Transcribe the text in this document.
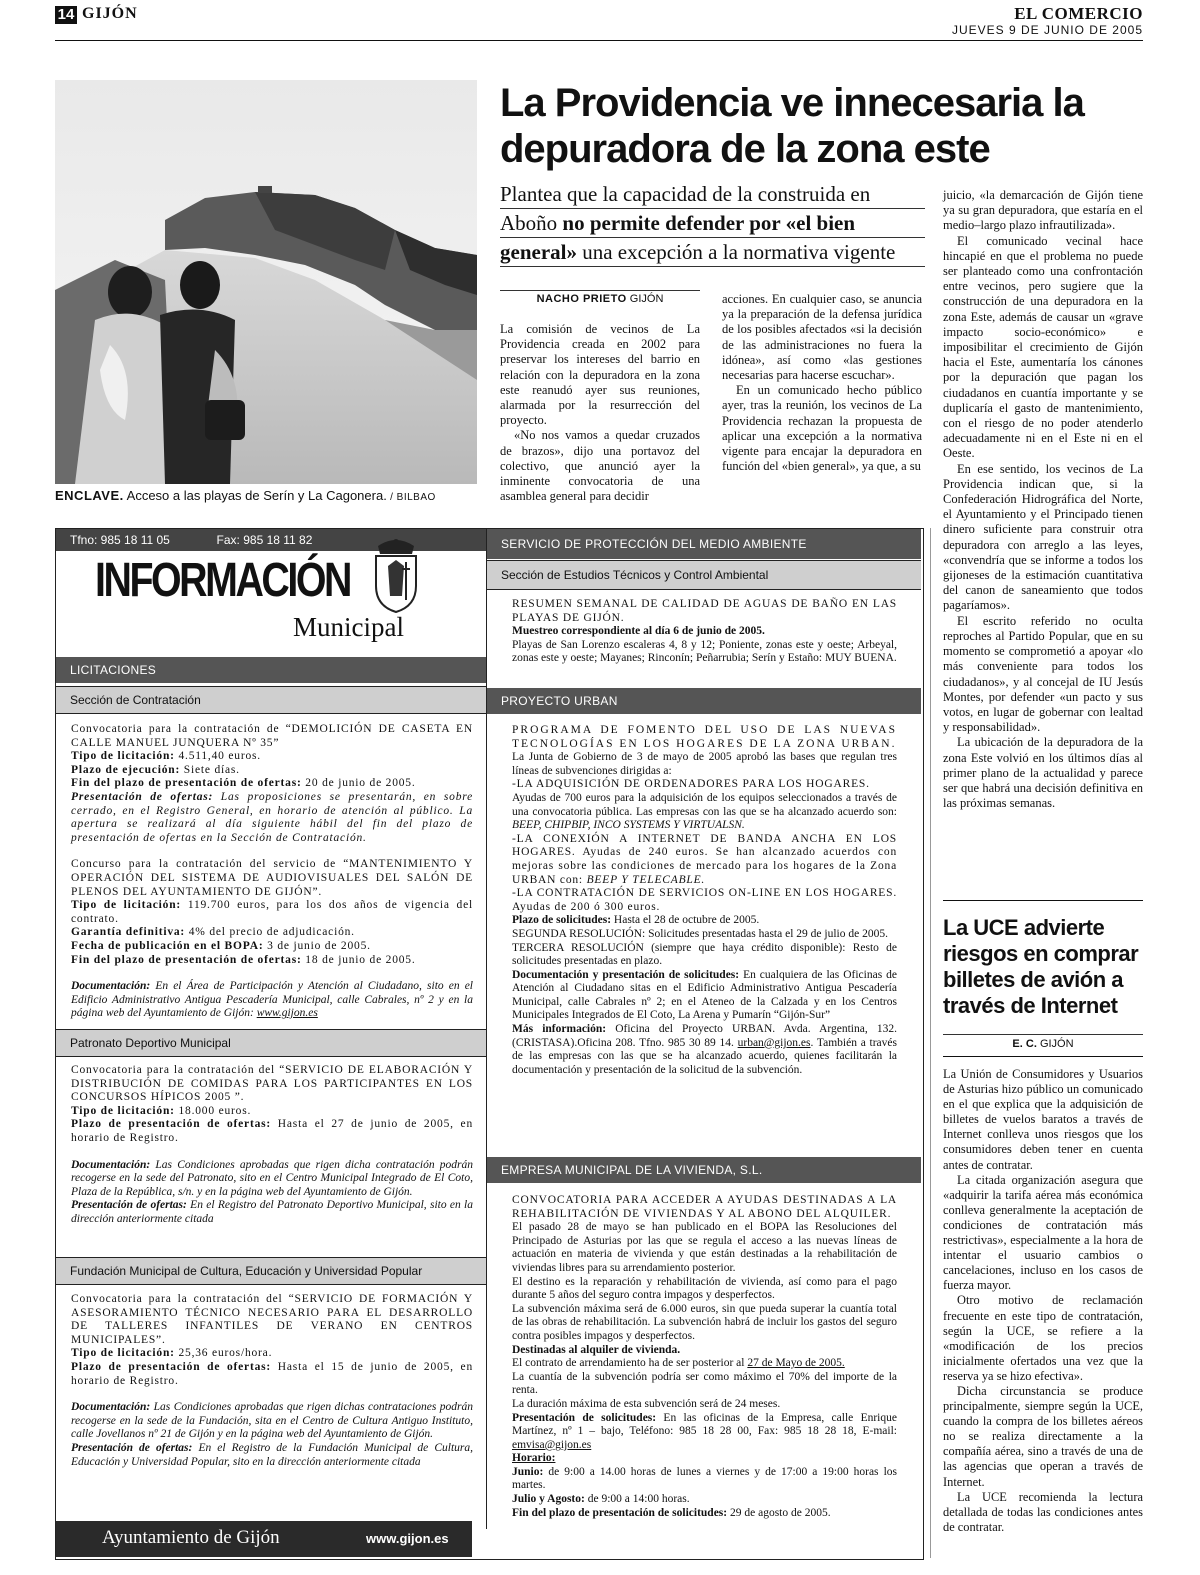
14 GIJÓN	EL COMERCIO
JUEVES 9 DE JUNIO DE 2005
ENCLAVE. Acceso a las playas de Serín y La Cagonera. / BILBAO
La Providencia ve innecesaria la depuradora de la zona este
Plantea que la capacidad de la construida en
Aboño no permite defender por «el bien
general» una excepción a la normativa vigente
NACHO PRIETO GIJÓN

La comisión de vecinos de La Providencia creada en 2002 para preservar los intereses del barrio en relación con la depuradora en la zona este reanudó ayer sus reuniones, alarmada por la resurrección del proyecto.

«No nos vamos a quedar cruzados de brazos», dijo una portavoz del colectivo, que anunció ayer la inminente convocatoria de una asamblea general para decidir

acciones. En cualquier caso, se anuncia ya la preparación de la defensa jurídica de los posibles afectados «si la decisión de las administraciones no fuera la idónea», así como «las gestiones necesarias para hacerse escuchar».

En un comunicado hecho público ayer, tras la reunión, los vecinos de La Providencia rechazan la propuesta de aplicar una excepción a la normativa vigente para encajar la depuradora en función del «bien general», ya que, a su

juicio, «la demarcación de Gijón tiene ya su gran depuradora, que estaría en el medio–largo plazo infrautilizada».

El comunicado vecinal hace hincapié en que el problema no puede ser planteado como una confrontación entre vecinos, pero sugiere que la construcción de una depuradora en la zona Este, además de causar un «grave impacto socio-económico» e imposibilitar el crecimiento de Gijón hacia el Este, aumentaría los cánones por la depuración que pagan los ciudadanos en cuantía importante y se duplicaría el gasto de mantenimiento, con el riesgo de no poder atenderlo adecuadamente ni en el Este ni en el Oeste.

En ese sentido, los vecinos de La Providencia indican que, si la Confederación Hidrográfica del Norte, el Ayuntamiento y el Principado tienen dinero suficiente para construir otra depuradora con arreglo a las leyes, «convendría que se informe a todos los gijoneses de la estimación cuantitativa del canon de saneamiento que todos pagaríamos».

El escrito referido no oculta reproches al Partido Popular, que en su momento se comprometió a apoyar «lo más conveniente para todos los ciudadanos», y al concejal de IU Jesús Montes, por defender «un pacto y sus votos, en lugar de gobernar con lealtad y responsabilidad».

La ubicación de la depuradora de la zona Este volvió en los últimos días al primer plano de la actualidad y parece ser que habrá una decisión definitiva en las próximas semanas.

La UCE advierte riesgos en comprar billetes de avión a través de Internet
E. C. GIJÓN

La Unión de Consumidores y Usuarios de Asturias hizo público un comunicado en el que explica que la adquisición de billetes de vuelos baratos a través de Internet conlleva unos riesgos que los consumidores deben tener en cuenta antes de contratar.

La citada organización asegura que «adquirir la tarifa aérea más económica conlleva generalmente la aceptación de condiciones de contratación más restrictivas», especialmente a la hora de intentar el usuario cambios o cancelaciones, incluso en los casos de fuerza mayor.

Otro motivo de reclamación frecuente en este tipo de contratación, según la UCE, se refiere a la «modificación de los precios inicialmente ofertados una vez que la reserva ya se hizo efectiva».

Dicha circunstancia se produce principalmente, siempre según la UCE, cuando la compra de los billetes aéreos no se realiza directamente a la compañía aérea, sino a través de una de las agencias que operan a través de Internet.

La UCE recomienda la lectura detallada de todas las condiciones antes de contratar.

Tfno: 985 18 11 05	Fax: 985 18 11 82
INFORMACIÓN
Municipal
LICITACIONES
Sección de Contratación

Convocatoria para la contratación de “DEMOLICIÓN DE CASETA EN CALLE MANUEL JUNQUERA Nº 35”
Tipo de licitación: 4.511,40 euros.
Plazo de ejecución: Siete días.
Fin del plazo de presentación de ofertas: 20 de junio de 2005.
Presentación de ofertas: Las proposiciones se presentarán, en sobre cerrado, en el Registro General, en horario de atención al público. La apertura se realizará al día siguiente hábil del fin del plazo de presentación de ofertas en la Sección de Contratación.

Concurso para la contratación del servicio de “MANTENIMIENTO Y OPERACIÓN DEL SISTEMA DE AUDIOVISUALES DEL SALÓN DE PLENOS DEL AYUNTAMIENTO DE GIJÓN”.
Tipo de licitación: 119.700 euros, para los dos años de vigencia del contrato.
Garantía definitiva: 4% del precio de adjudicación.
Fecha de publicación en el BOPA: 3 de junio de 2005.
Fin del plazo de presentación de ofertas: 18 de junio de 2005.

Documentación: En el Área de Participación y Atención al Ciudadano, sito en el Edificio Administrativo Antigua Pescadería Municipal, calle Cabrales, nº 2 y en la página web del Ayuntamiento de Gijón: www.gijon.es

Patronato Deportivo Municipal

Convocatoria para la contratación del “SERVICIO DE ELABORACIÓN Y DISTRIBUCIÓN DE COMIDAS PARA LOS PARTICIPANTES EN LOS CONCURSOS HÍPICOS 2005 ”.
Tipo de licitación: 18.000 euros.
Plazo de presentación de ofertas: Hasta el 27 de junio de 2005, en horario de Registro.

Documentación: Las Condiciones aprobadas que rigen dicha contratación podrán recogerse en la sede del Patronato, sito en el Centro Municipal Integrado de El Coto, Plaza de la República, s/n. y en la página web del Ayuntamiento de Gijón.
Presentación de ofertas: En el Registro del Patronato Deportivo Municipal, sito en la dirección anteriormente citada

Fundación Municipal de Cultura, Educación y Universidad Popular

Convocatoria para la contratación del “SERVICIO DE FORMACIÓN Y ASESORAMIENTO TÉCNICO NECESARIO PARA EL DESARROLLO DE TALLERES INFANTILES DE VERANO EN CENTROS MUNICIPALES”.
Tipo de licitación: 25,36 euros/hora.
Plazo de presentación de ofertas: Hasta el 15 de junio de 2005, en horario de Registro.

Documentación: Las Condiciones aprobadas que rigen dichas contrataciones podrán recogerse en la sede de la Fundación, sita en el Centro de Cultura Antiguo Instituto, calle Jovellanos nº 21 de Gijón y en la página web del Ayuntamiento de Gijón.
Presentación de ofertas: En el Registro de la Fundación Municipal de Cultura, Educación y Universidad Popular, sito en la dirección anteriormente citada

Ayuntamiento de Gijón	www.gijon.es
SERVICIO DE PROTECCIÓN DEL MEDIO AMBIENTE
Sección de Estudios Técnicos y Control Ambiental

RESUMEN SEMANAL DE CALIDAD DE AGUAS DE BAÑO EN LAS PLAYAS DE GIJÓN.

Muestreo correspondiente al día 6 de junio de 2005.

Playas de San Lorenzo escaleras 4, 8 y 12; Poniente, zonas este y oeste; Arbeyal, zonas este y oeste; Mayanes; Rinconín; Peñarrubia; Serín y Estaño: MUY BUENA.

PROYECTO URBAN

PROGRAMA DE FOMENTO DEL USO DE LAS NUEVAS TECNOLOGÍAS EN LOS HOGARES DE LA ZONA URBAN.

La Junta de Gobierno de 3 de mayo de 2005 aprobó las bases que regulan tres líneas de subvenciones dirigidas a:

-LA ADQUISICIÓN DE ORDENADORES PARA LOS HOGARES.

Ayudas de 700 euros para la adquisición de los equipos seleccionados a través de una convocatoria pública. Las empresas con las que se ha alcanzado acuerdo son: BEEP, CHIPBIP, INCO SYSTEMS Y VIRTUALSN.

-LA CONEXIÓN A INTERNET DE BANDA ANCHA EN LOS HOGARES. Ayudas de 240 euros. Se han alcanzado acuerdos con mejoras sobre las condiciones de mercado para los hogares de la Zona URBAN con: BEEP Y TELECABLE.

-LA CONTRATACIÓN DE SERVICIOS ON-LINE EN LOS HOGARES. Ayudas de 200 ó 300 euros.

Plazo de solicitudes: Hasta el 28 de octubre de 2005.

SEGUNDA RESOLUCIÓN: Solicitudes presentadas hasta el 29 de julio de 2005.

TERCERA RESOLUCIÓN (siempre que haya crédito disponible): Resto de solicitudes presentadas en plazo.

Documentación y presentación de solicitudes: En cualquiera de las Oficinas de Atención al Ciudadano sitas en el Edificio Administrativo Antigua Pescadería Municipal, calle Cabrales nº 2; en el Ateneo de la Calzada y en los Centros Municipales Integrados de El Coto, La Arena y Pumarín “Gijón-Sur”

Más información: Oficina del Proyecto URBAN. Avda. Argentina, 132. (CRISTASA).Oficina 208. Tfno. 985 30 89 14. urban@gijon.es. También a través de las empresas con las que se ha alcanzado acuerdo, quienes facilitarán la documentación y presentación de la solicitud de la subvención.

EMPRESA MUNICIPAL DE LA VIVIENDA, S.L.

CONVOCATORIA PARA ACCEDER A AYUDAS DESTINADAS A LA REHABILITACIÓN DE VIVIENDAS Y AL ABONO DEL ALQUILER.

El pasado 28 de mayo se han publicado en el BOPA las Resoluciones del Principado de Asturias por las que se regula el acceso a las nuevas líneas de actuación en materia de vivienda y que están destinadas a la rehabilitación de viviendas libres para su arrendamiento posterior.

El destino es la reparación y rehabilitación de vivienda, así como para el pago durante 5 años del seguro contra impagos y desperfectos.

La subvención máxima será de 6.000 euros, sin que pueda superar la cuantía total de las obras de rehabilitación. La subvención habrá de incluir los gastos del seguro contra posibles impagos y desperfectos.

Destinadas al alquiler de vivienda.

El contrato de arrendamiento ha de ser posterior al 27 de Mayo de 2005.

La cuantía de la subvención podría ser como máximo el 70% del importe de la renta.

La duración máxima de esta subvención será de 24 meses.

Presentación de solicitudes: En las oficinas de la Empresa, calle Enrique Martínez, nº 1 – bajo, Teléfono: 985 18 28 00, Fax: 985 18 28 18, E-mail: emvisa@gijon.es

Horario:

Junio: de 9:00 a 14.00 horas de lunes a viernes y de 17:00 a 19:00 horas los martes.

Julio y Agosto: de 9:00 a 14:00 horas.

Fin del plazo de presentación de solicitudes: 29 de agosto de 2005.
